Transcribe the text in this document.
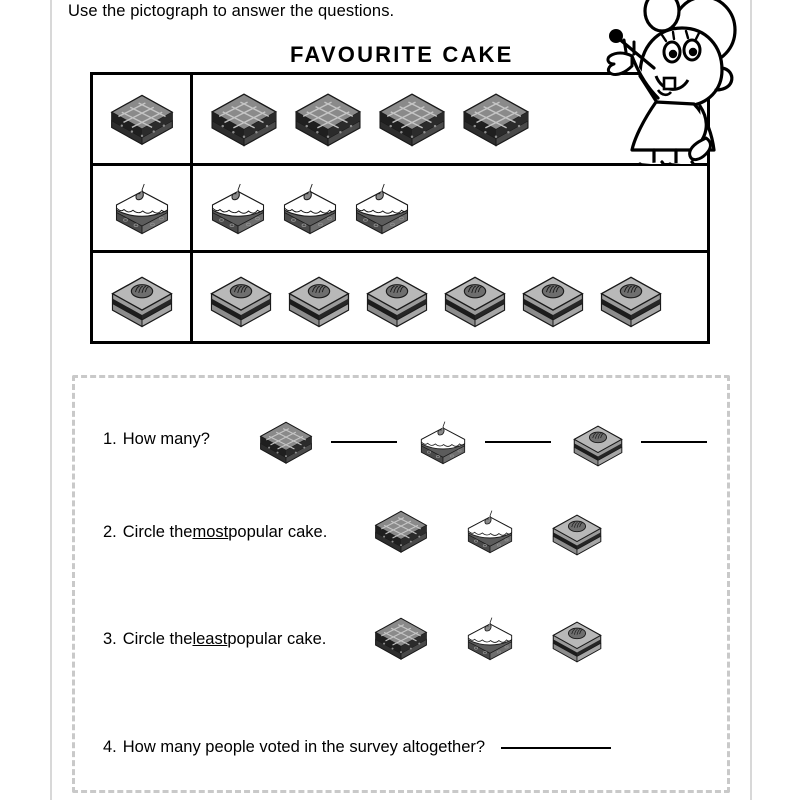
Use the pictograph to answer the questions.
FAVOURITE CAKE
1. How many?
2. Circle the most popular cake.
3. Circle the least popular cake.
4. How many people voted in the survey altogether?
